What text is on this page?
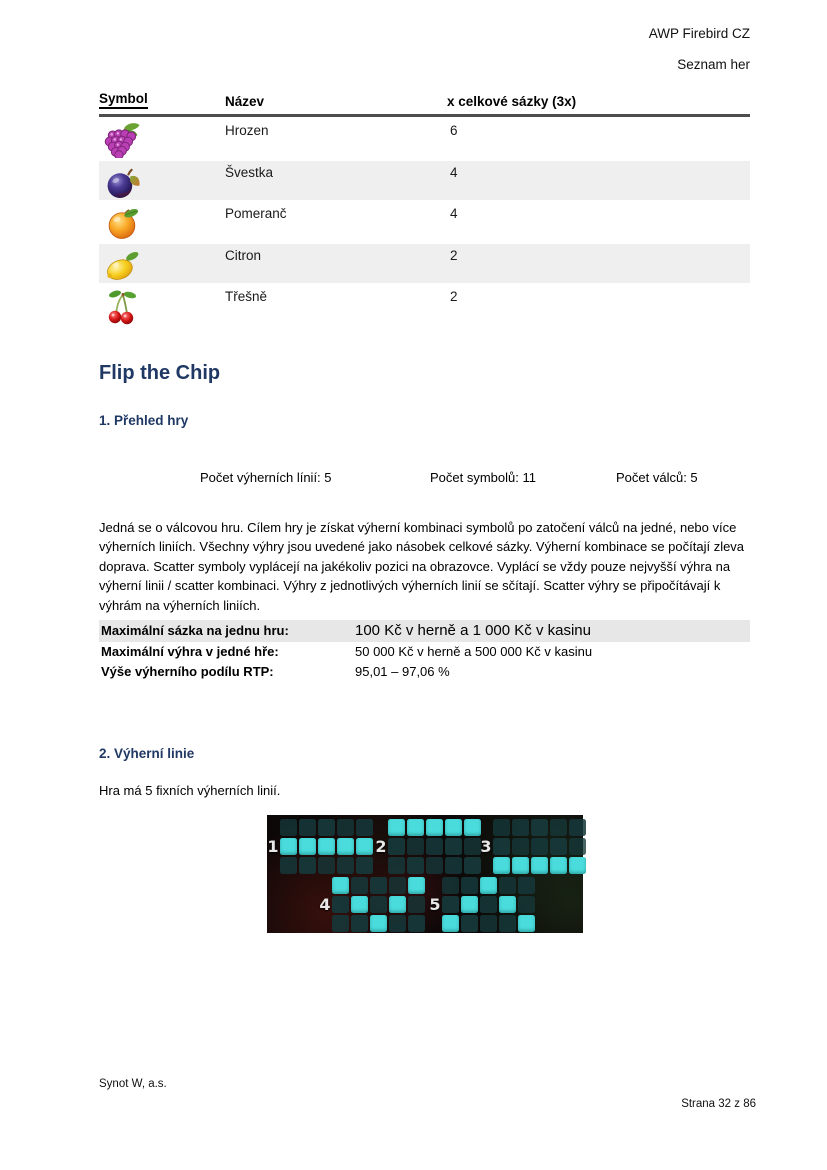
AWP Firebird CZ
Seznam her
Symbol	Název	x celkové sázky (3x)
Hrozen	6
Švestka	4
Pomeranč	4
Citron	2
Třešně	2
Flip the Chip
1. Přehled hry
Počet výherních línií: 5	Počet symbolů: 11	Počet válců: 5
Jedná se o válcovou hru. Cílem hry je získat výherní kombinaci symbolů po zatočení válců na jedné, nebo více výherních liniích. Všechny výhry jsou uvedené jako násobek celkové sázky. Výherní kombinace se počítají zleva doprava. Scatter symboly vyplácejí na jakékoliv pozici na obrazovce. Vyplácí se vždy pouze nejvyšší výhra na výherní linii / scatter kombinaci. Výhry z jednotlivých výherních linií se sčítají. Scatter výhry se připočítávají k výhrám na výherních liniích.
Maximální sázka na jednu hru:	100 Kč v herně a 1 000 Kč v kasinu
Maximální výhra v jedné hře:	50 000 Kč v herně a 500 000 Kč v kasinu
Výše výherního podílu RTP:	95,01 – 97,06 %
2. Výherní linie
Hra má 5 fixních výherních linií.
1	2	3
4	5
Synot W, a.s.
Strana 32 z 86
